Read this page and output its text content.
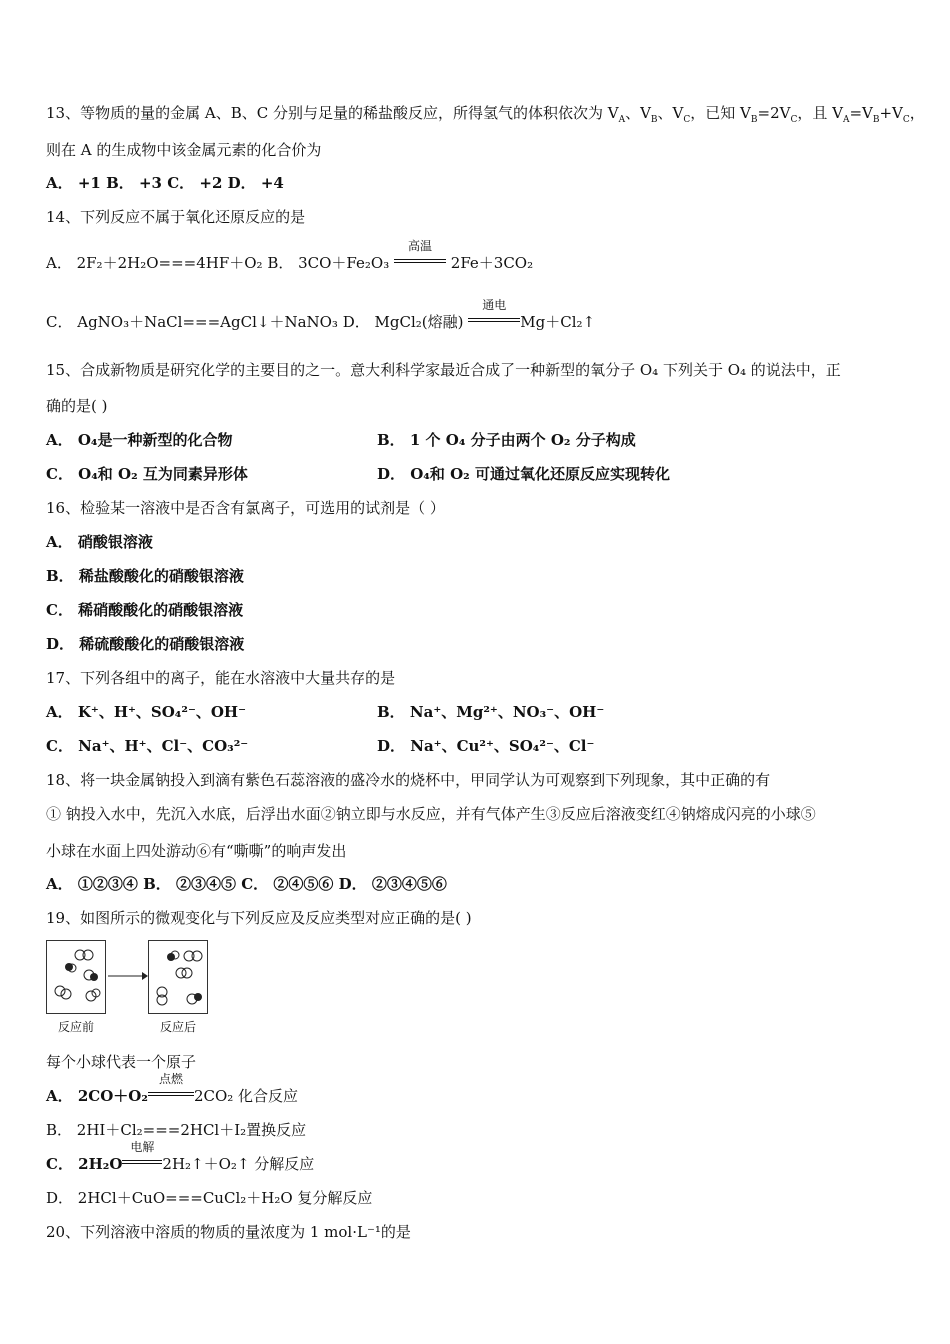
13、等物质的量的金属 A、B、C 分别与足量的稀盐酸反应，所得氢气的体积依次为 $V_A$、$V_B$、$V_C$，已知 $V_B=2V_C$，且 $V_A=V_B+V_C$，
则在 A 的生成物中该金属元素的化合价为
A． +1 B． +3 C． +2 D． +4
14、下列反应不属于氧化还原反应的是
A． 2F₂＋2H₂O===4HF＋O₂ B． 3CO＋Fe₂O₃
高温
2Fe＋3CO₂
C． AgNO₃＋NaCl===AgCl↓＋NaNO₃ D． MgCl₂(熔融)
通电
Mg＋Cl₂↑
15、合成新物质是研究化学的主要目的之一。意大利科学家最近合成了一种新型的氧分子 O₄ 下列关于 O₄ 的说法中，正
确的是( )
A． O₄是一种新型的化合物	B． 1 个 O₄ 分子由两个 O₂ 分子构成
C． O₄和 O₂ 互为同素异形体	D． O₄和 O₂ 可通过氧化还原反应实现转化
16、检验某一溶液中是否含有氯离子，可选用的试剂是（ ）
A． 硝酸银溶液
B． 稀盐酸酸化的硝酸银溶液
C． 稀硝酸酸化的硝酸银溶液
D． 稀硫酸酸化的硝酸银溶液
17、下列各组中的离子，能在水溶液中大量共存的是
A． K⁺、H⁺、SO₄²⁻、OH⁻	B． Na⁺、Mg²⁺、NO₃⁻、OH⁻
C． Na⁺、H⁺、Cl⁻、CO₃²⁻	D． Na⁺、Cu²⁺、SO₄²⁻、Cl⁻
18、将一块金属钠投入到滴有紫色石蕊溶液的盛冷水的烧杯中，甲同学认为可观察到下列现象，其中正确的有
① 钠投入水中，先沉入水底，后浮出水面②钠立即与水反应，并有气体产生③反应后溶液变红④钠熔成闪亮的小球⑤
小球在水面上四处游动⑥有“嘶嘶”的响声发出
A． ①②③④ B． ②③④⑤ C． ②④⑤⑥ D． ②③④⑤⑥
19、如图所示的微观变化与下列反应及反应类型对应正确的是( )
反应前	反应后
每个小球代表一个原子
A． 2CO＋O₂
点燃
2CO₂ 化合反应
B． 2HI＋Cl₂===2HCl＋I₂置换反应
C． 2H₂O
电解
2H₂↑＋O₂↑ 分解反应
D． 2HCl＋CuO===CuCl₂＋H₂O 复分解反应
20、下列溶液中溶质的物质的量浓度为 1 mol·L⁻¹的是
